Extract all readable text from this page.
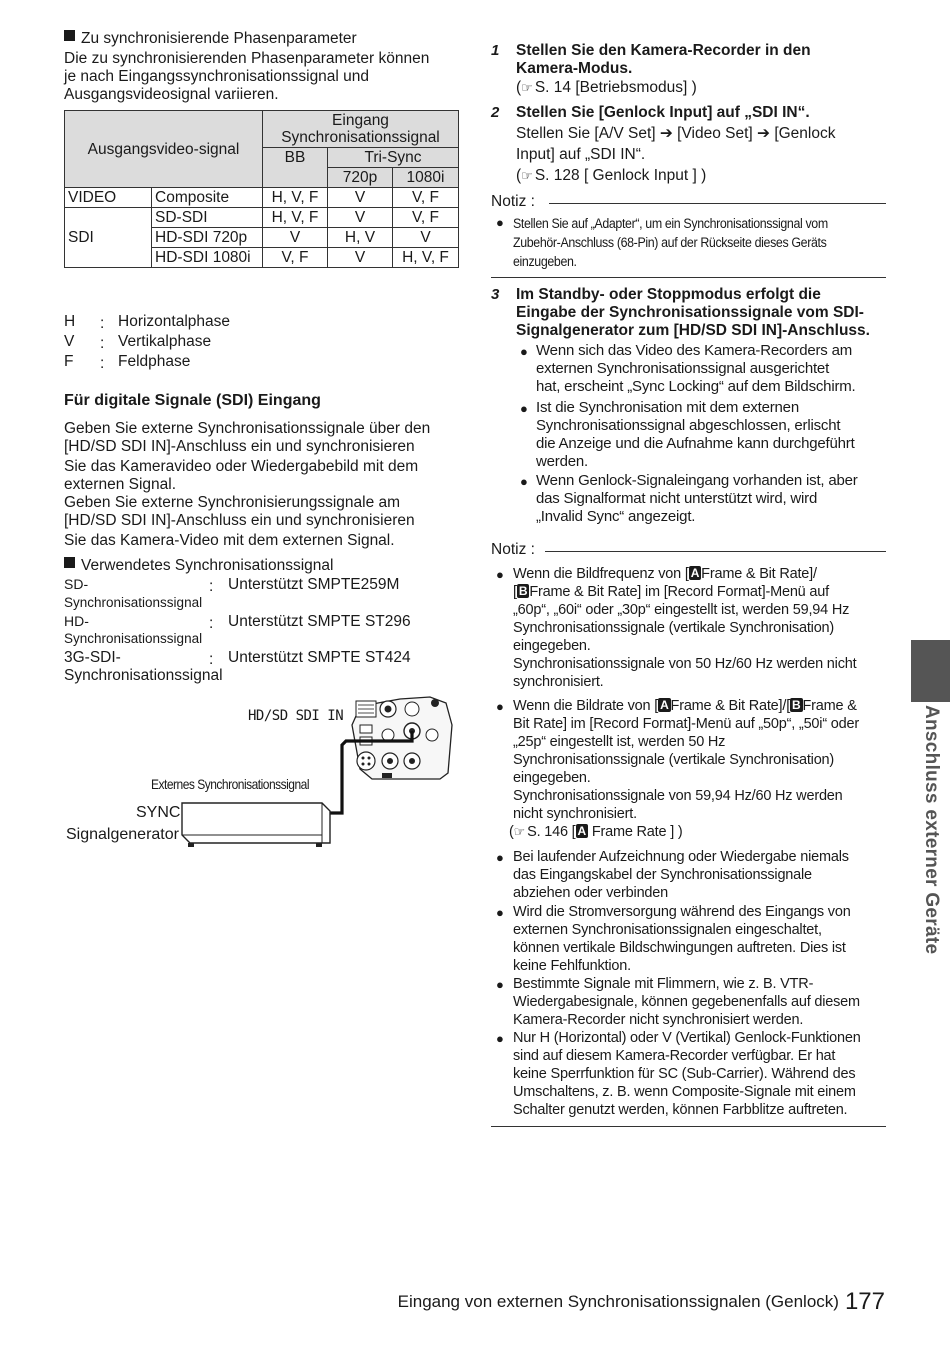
■Zu synchronisierende Phasenparameter
Die zu synchronisierenden Phasenparameter können
je nach Eingangssynchronisationssignal und
Ausgangsvideosignal variieren.
Ausgangsvideo-signal		Eingang Synchronisationssignal		
		BB	Tri-Sync	
			720p	1080i
VIDEO	Composite	H, V, F	V	V, F
SDI	SD-SDI	H, V, F	V	V, F
	HD-SDI 720p	V	H, V	V
	HD-SDI 1080i	V, F	V	H, V, F
H : Horizontalphase
V : Vertikalphase
F : Feldphase
Für digitale Signale (SDI) Eingang
Geben Sie externe Synchronisationssignale über den
[HD/SD SDI IN]-Anschluss ein und synchronisieren
Sie das Kameravideo oder Wiedergabebild mit dem
externen Signal.
Geben Sie externe Synchronisierungssignale am
[HD/SD SDI IN]-Anschluss ein und synchronisieren
Sie das Kamera-Video mit dem externen Signal.
■Verwendetes Synchronisationssignal
SD-
Synchronisationssignal
: Unterstützt SMPTE259M
HD-
Synchronisationssignal
: Unterstützt SMPTE ST296
3G-SDI-
Synchronisationssignal
: Unterstützt SMPTE ST424
HD/SD SDI IN
Externes Synchronisationssignal
SYNC
Signalgenerator
1 Stellen Sie den Kamera-Recorder in den
Kamera-Modus.
(☞ S. 14 [Betriebsmodus] )
2 Stellen Sie [Genlock Input] auf „SDI IN“.
Stellen Sie [A/V Set] ➔ [Video Set] ➔ [Genlock
Input] auf „SDI IN“.
(☞ S. 128 [ Genlock Input ] )
Notiz :
● Stellen Sie auf „Adapter“, um ein Synchronisationssignal vom
Zubehör-Anschluss (68-Pin) auf der Rückseite dieses Geräts
einzugeben.
3 Im Standby- oder Stoppmodus erfolgt die
Eingabe der Synchronisationssignale vom SDI-
Signalgenerator zum [HD/SD SDI IN]-Anschluss.
● Wenn sich das Video des Kamera-Recorders am
externen Synchronisationssignal ausgerichtet
hat, erscheint „Sync Locking“ auf dem Bildschirm.
● Ist die Synchronisation mit dem externen
Synchronisationssignal abgeschlossen, erlischt
die Anzeige und die Aufnahme kann durchgeführt
werden.
● Wenn Genlock-Signaleingang vorhanden ist, aber
das Signalformat nicht unterstützt wird, wird
„Invalid Sync“ angezeigt.
Notiz :
● Wenn die Bildfrequenz von [ A Frame & Bit Rate]/
[ B Frame & Bit Rate] im [Record Format]-Menü auf
„60p“, „60i“ oder „30p“ eingestellt ist, werden 59,94 Hz
Synchronisationssignale (vertikale Synchronisation)
eingegeben.
Synchronisationssignale von 50 Hz/60 Hz werden nicht
synchronisiert.
● Wenn die Bildrate von [ A Frame & Bit Rate]/[ B Frame &
Bit Rate] im [Record Format]-Menü auf „50p“, „50i“ oder
„25p“ eingestellt ist, werden 50 Hz
Synchronisationssignale (vertikale Synchronisation)
eingegeben.
Synchronisationssignale von 59,94 Hz/60 Hz werden
nicht synchronisiert.
(☞ S. 146 [ A Frame Rate ] )
● Bei laufender Aufzeichnung oder Wiedergabe niemals
das Eingangskabel der Synchronisationssignale
abziehen oder verbinden
● Wird die Stromversorgung während des Eingangs von
externen Synchronisationssignalen eingeschaltet,
können vertikale Bildschwingungen auftreten. Dies ist
keine Fehlfunktion.
● Bestimmte Signale mit Flimmern, wie z. B. VTR-
Wiedergabesignale, können gegebenenfalls auf diesem
Kamera-Recorder nicht synchronisiert werden.
● Nur H (Horizontal) oder V (Vertikal) Genlock-Funktionen
sind auf diesem Kamera-Recorder verfügbar. Er hat
keine Sperrfunktion für SC (Sub-Carrier). Während des
Umschaltens, z. B. wenn Composite-Signale mit einem
Schalter genutzt werden, können Farbblitze auftreten.
Anschluss externer Geräte
Eingang von externen Synchronisationssignalen (Genlock) 177
